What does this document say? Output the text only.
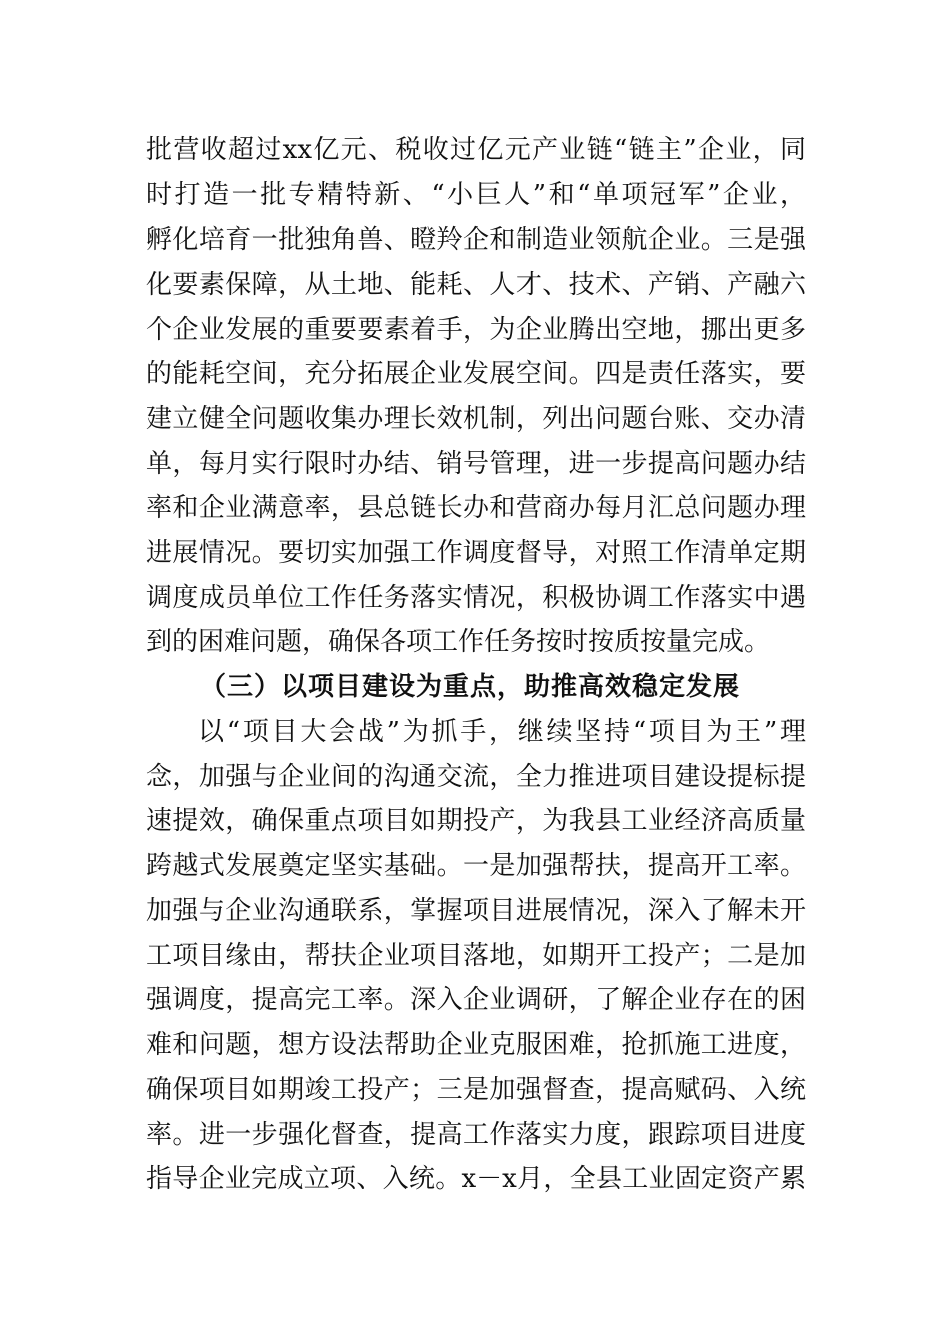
批营收超过xx亿元、税收过亿元产业链“链主”企业，同
时打造一批专精特新、“小巨人”和“单项冠军”企业，
孵化培育一批独角兽、瞪羚企和制造业领航企业。三是强
化要素保障，从土地、能耗、人才、技术、产销、产融六
个企业发展的重要要素着手，为企业腾出空地，挪出更多
的能耗空间，充分拓展企业发展空间。四是责任落实，要
建立健全问题收集办理长效机制，列出问题台账、交办清
单，每月实行限时办结、销号管理，进一步提高问题办结
率和企业满意率，县总链长办和营商办每月汇总问题办理
进展情况。要切实加强工作调度督导，对照工作清单定期
调度成员单位工作任务落实情况，积极协调工作落实中遇
到的困难问题，确保各项工作任务按时按质按量完成。
（三）以项目建设为重点，助推高效稳定发展
以“项目大会战”为抓手，继续坚持“项目为王”理
念，加强与企业间的沟通交流，全力推进项目建设提标提
速提效，确保重点项目如期投产，为我县工业经济高质量
跨越式发展奠定坚实基础。一是加强帮扶，提高开工率。
加强与企业沟通联系，掌握项目进展情况，深入了解未开
工项目缘由，帮扶企业项目落地，如期开工投产；二是加
强调度，提高完工率。深入企业调研，了解企业存在的困
难和问题，想方设法帮助企业克服困难，抢抓施工进度，
确保项目如期竣工投产；三是加强督查，提高赋码、入统
率。进一步强化督查，提高工作落实力度，跟踪项目进度
指导企业完成立项、入统。x－x月，全县工业固定资产累
